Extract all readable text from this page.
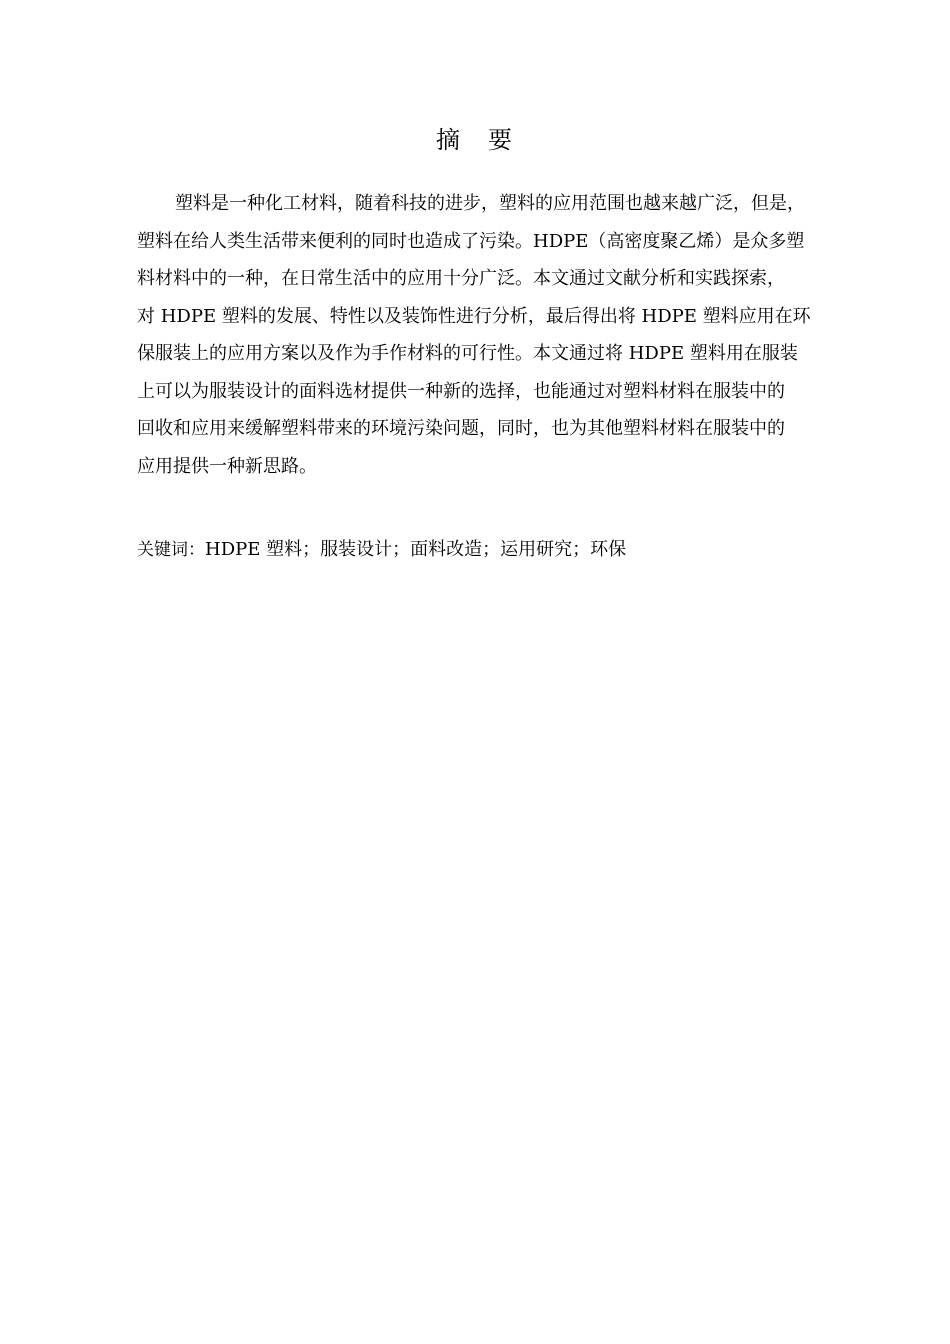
摘　要
塑料是一种化工材料，随着科技的进步，塑料的应用范围也越来越广泛，但是，
塑料在给人类生活带来便利的同时也造成了污染。HDPE（高密度聚乙烯）是众多塑
料材料中的一种，在日常生活中的应用十分广泛。本文通过文献分析和实践探索，
对 HDPE 塑料的发展、特性以及装饰性进行分析，最后得出将 HDPE 塑料应用在环
保服装上的应用方案以及作为手作材料的可行性。本文通过将 HDPE 塑料用在服装
上可以为服装设计的面料选材提供一种新的选择，也能通过对塑料材料在服装中的
回收和应用来缓解塑料带来的环境污染问题，同时，也为其他塑料材料在服装中的
应用提供一种新思路。
关键词：HDPE 塑料；服装设计；面料改造；运用研究；环保
